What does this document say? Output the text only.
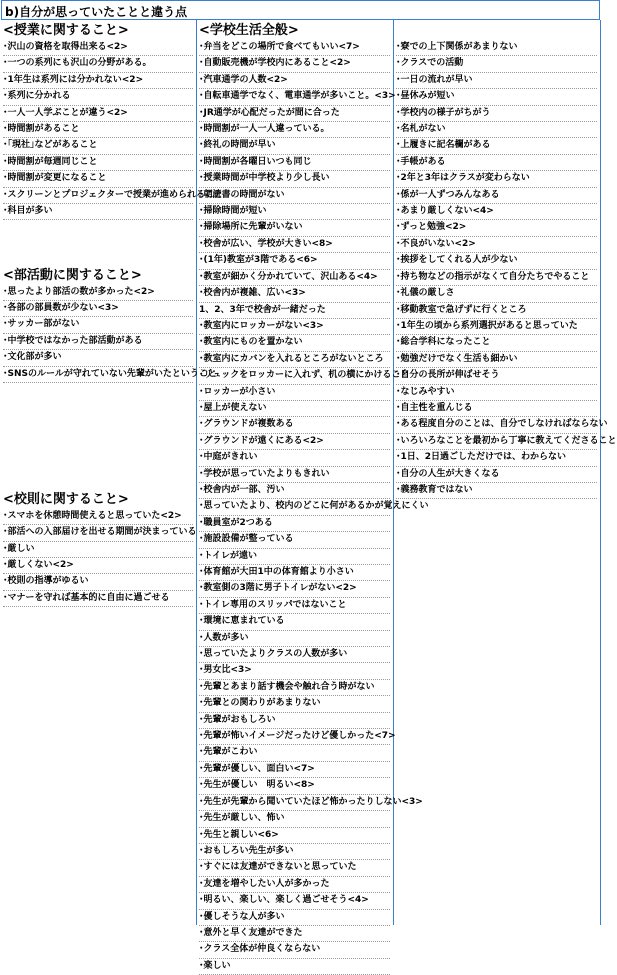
b)自分が思っていたことと違う点
<授業に関すること>
･沢山の資格を取得出来る<2>
･一つの系列にも沢山の分野がある。
･1年生は系列には分かれない<2>
･系列に分かれる
･一人一人学ぶことが違う<2>
･時間割があること
･｢現社｣などがあること
･時間割が毎週同じこと
･時間割が変更になること
･スクリーンとプロジェクターで授業が進められること
･科目が多い
<部活動に関すること>
･思ったより部活の数が多かった<2>
･各部の部員数が少ない<3>
･サッカー部がない
･中学校ではなかった部活動がある
･文化部が多い
･SNSのルールが守れていない先輩がいたということ
<校則に関すること>
･スマホを休憩時間使えると思っていた<2>
･部活への入部届けを出せる期間が決まっている
･厳しい
･厳しくない<2>
･校則の指導がゆるい
･マナーを守れば基本的に自由に過ごせる
<学校生活全般>
･弁当をどこの場所で食べてもいい<7>
･自動販売機が学校内にあること<2>
･汽車通学の人数<2>
･自転車通学でなく、電車通学が多いこと。<3>
･JR通学が心配だったが間に合った
･時間割が一人一人違っている。
･終礼の時間が早い
･時間割が各曜日いつも同じ
･授業時間が中学校より少し長い
･朝読書の時間がない
･掃除時間が短い
･掃除場所に先輩がいない
･校舎が広い、学校が大きい<8>
･(1年)教室が3階である<6>
･教室が細かく分かれていて、沢山ある<4>
･校舎内が複雑、広い<3>
1、2、3年で校舎が一緒だった
･教室内にロッカーがない<3>
･教室内にものを置かない
･教室内にカバンを入れるところがないところ
･リュックをロッカーに入れず、机の横にかけること
･ロッカーが小さい
･屋上が使えない
･グラウンドが複数ある
･グラウンドが遠くにある<2>
･中庭がきれい
･学校が思っていたよりもきれい
･校舎内が一部、汚い
･思っていたより、校内のどこに何があるかが覚えにくい
･職員室が2つある
･施設設備が整っている
･トイレが遠い
･体育館が大田1中の体育館より小さい
･教室側の3階に男子トイレがない<2>
･トイレ専用のスリッパではないこと
･環境に恵まれている
･人数が多い
･思っていたよりクラスの人数が多い
･男女比<3>
･先輩とあまり話す機会や触れ合う時がない
･先輩との関わりがあまりない
･先輩がおもしろい
･先輩が怖いイメージだったけど優しかった<7>
･先輩がこわい
･先輩が優しい、面白い<7>
･先生が優しい　明るい<8>
･先生が先輩から聞いていたほど怖かったりしない<3>
･先生が厳しい、怖い
･先生と親しい<6>
･おもしろい先生が多い
･すぐには友達ができないと思っていた
･友達を増やしたい人が多かった
･明るい、楽しい、楽しく過ごせそう<4>
･優しそうな人が多い
･意外と早く友達ができた
･クラス全体が仲良くならない
･楽しい
･寮での上下関係があまりない
･クラスでの活動
･一日の流れが早い
･昼休みが短い
･学校内の様子がちがう
･名札がない
･上履きに記名欄がある
･手帳がある
･2年と3年はクラスが変わらない
･係が一人ずつみんなある
･あまり厳しくない<4>
･ずっと勉強<2>
･不良がいない<2>
･挨拶をしてくれる人が少ない
･持ち物などの指示がなくて自分たちでやること
･礼儀の厳しさ
･移動教室で急げずに行くところ
･1年生の頃から系列選択があると思っていた
･総合学科になったこと
･勉強だけでなく生活も細かい
･自分の長所が伸ばせそう
･なじみやすい
･自主性を重んじる
･ある程度自分のことは、自分でしなければならない
･いろいろなことを最初から丁寧に教えてくださること
･1日、2日過ごしただけでは、わからない
･自分の人生が大きくなる
･義務教育ではない
